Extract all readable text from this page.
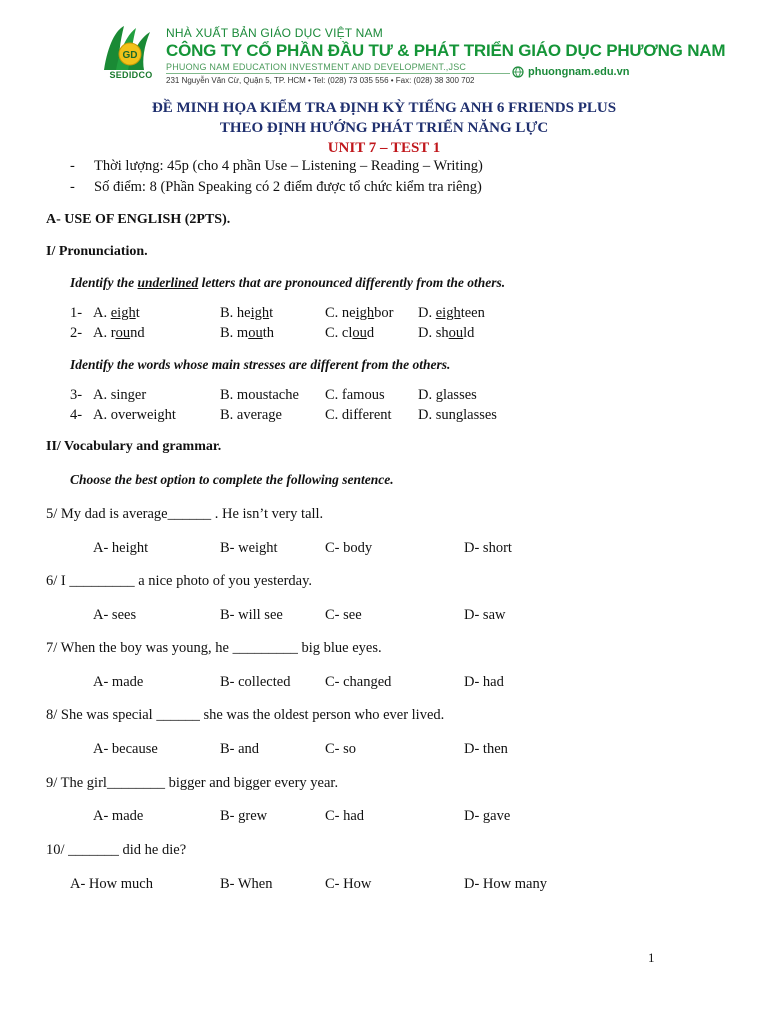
GD
SEDIDCO
NHÀ XUẤT BẢN GIÁO DỤC VIỆT NAM
CÔNG TY CỔ PHẦN ĐẦU TƯ & PHÁT TRIỂN GIÁO DỤC PHƯƠNG NAM
PHUONG NAM EDUCATION INVESTMENT AND DEVELOPMENT.,JSC
231 Nguyễn Văn Cừ, Quận 5, TP. HCM • Tel: (028) 73 035 556 • Fax: (028) 38 300 702
phuongnam.edu.vn
ĐỀ MINH HỌA KIỂM TRA ĐỊNH KỲ TIẾNG ANH 6 FRIENDS PLUS
THEO ĐỊNH HƯỚNG PHÁT TRIỂN NĂNG LỰC
UNIT 7 – TEST 1
- Thời lượng: 45p (cho 4 phần Use – Listening – Reading – Writing)
- Số điểm: 8 (Phần Speaking có 2 điểm được tổ chức kiểm tra riêng)
A- USE OF ENGLISH (2PTS).
I/ Pronunciation.
Identify the underlined letters that are pronounced differently from the others.
1- A. eight	B. height	C. neighbor D. eighteen
2- A. round	B. mouth	C. cloud	D. should
Identify the words whose main stresses are different from the others.
3- A. singer	B. moustache C. famous D. glasses
4- A. overweight	B. average	C. different D. sunglasses
II/ Vocabulary and grammar.
Choose the best option to complete the following sentence.
5/ My dad is average______ . He isn’t very tall.
A- height	B- weight	C- body	D- short
6/ I _________ a nice photo of you yesterday.
A- sees	B- will see	C- see	D- saw
7/ When the boy was young, he _________ big blue eyes.
A- made	B- collected C- changed	D- had
8/ She was special ______ she was the oldest person who ever lived.
A- because	B- and	C- so	D- then
9/ The girl________ bigger and bigger every year.
A- made	B- grew	C- had	D- gave
10/ _______ did he die?
A- How much	B- When	C- How	D- How many
1
